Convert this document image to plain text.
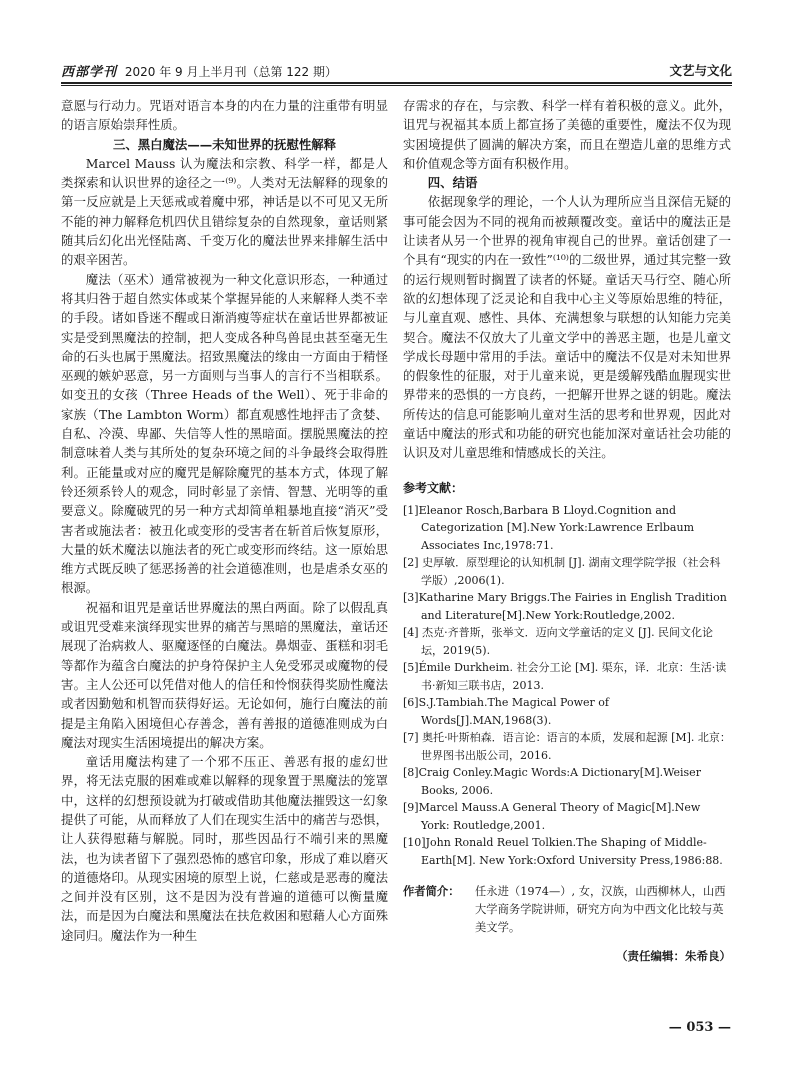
西部学刊 2020 年 9 月上半月刊（总第 122 期）	文艺与文化

意愿与行动力。咒语对语言本身的内在力量的注重带有明显的语言原始崇拜性质。

三、黑白魔法——未知世界的抚慰性解释

Marcel Mauss 认为魔法和宗教、科学一样，都是人类探索和认识世界的途径之一⁽⁹⁾。人类对无法解释的现象的第一反应就是上天惩戒或着魔中邪，神话是以不可见又无所不能的神力解释危机四伏且错综复杂的自然现象，童话则紧随其后幻化出光怪陆离、千变万化的魔法世界来排解生活中的艰辛困苦。

魔法（巫术）通常被视为一种文化意识形态，一种通过将其归咎于超自然实体或某个掌握异能的人来解释人类不幸的手段。诸如昏迷不醒或日渐消瘦等症状在童话世界都被证实是受到黑魔法的控制，把人变成各种鸟兽昆虫甚至毫无生命的石头也属于黑魔法。招致黑魔法的缘由一方面由于精怪巫觋的嫉妒恶意，另一方面则与当事人的言行不当相联系。如变丑的女孩（Three Heads of the Well）、死于非命的家族（The Lambton Worm）都直观感性地抨击了贪婪、自私、冷漠、卑鄙、失信等人性的黑暗面。摆脱黑魔法的控制意味着人类与其所处的复杂环境之间的斗争最终会取得胜利。正能量或对应的魔咒是解除魔咒的基本方式，体现了解铃还须系铃人的观念，同时彰显了亲情、智慧、光明等的重要意义。除魔破咒的另一种方式却简单粗暴地直接“消灭”受害者或施法者：被丑化或变形的受害者在斩首后恢复原形，大量的妖术魔法以施法者的死亡或变形而终结。这一原始思维方式既反映了惩恶扬善的社会道德准则，也是虐杀女巫的根源。

祝福和诅咒是童话世界魔法的黑白两面。除了以假乱真或诅咒受难来演绎现实世界的痛苦与黑暗的黑魔法，童话还展现了治病救人、驱魔逐怪的白魔法。鼻烟壶、蛋糕和羽毛等都作为蕴含白魔法的护身符保护主人免受邪灵或魔物的侵害。主人公还可以凭借对他人的信任和怜悯获得奖励性魔法或者因勤勉和机智而获得好运。无论如何，施行白魔法的前提是主角陷入困境但心存善念，善有善报的道德准则成为白魔法对现实生活困境提出的解决方案。

童话用魔法构建了一个邪不压正、善恶有报的虚幻世界，将无法克服的困难或难以解释的现象置于黑魔法的笼罩中，这样的幻想预设就为打破或借助其他魔法摧毁这一幻象提供了可能，从而释放了人们在现实生活中的痛苦与恐惧，让人获得慰藉与解脱。同时，那些因品行不端引来的黑魔法，也为读者留下了强烈恐怖的感官印象，形成了难以磨灭的道德烙印。从现实困境的原型上说，仁慈或是恶毒的魔法之间并没有区别，这不是因为没有普遍的道德可以衡量魔法，而是因为白魔法和黑魔法在扶危救困和慰藉人心方面殊途同归。魔法作为一种生

存需求的存在，与宗教、科学一样有着积极的意义。此外，诅咒与祝福其本质上都宣扬了美德的重要性，魔法不仅为现实困境提供了圆满的解决方案，而且在塑造儿童的思维方式和价值观念等方面有积极作用。

四、结语

依据现象学的理论，一个人认为理所应当且深信无疑的事可能会因为不同的视角而被颠覆改变。童话中的魔法正是让读者从另一个世界的视角审视自己的世界。童话创建了一个具有“现实的内在一致性”⁽¹⁰⁾的二级世界，通过其完整一致的运行规则暂时搁置了读者的怀疑。童话天马行空、随心所欲的幻想体现了泛灵论和自我中心主义等原始思维的特征，与儿童直观、感性、具体、充满想象与联想的认知能力完美契合。魔法不仅放大了儿童文学中的善恶主题，也是儿童文学成长母题中常用的手法。童话中的魔法不仅是对未知世界的假象性的征服，对于儿童来说，更是缓解残酷血腥现实世界带来的恐惧的一方良药，一把解开世界之谜的钥匙。魔法所传达的信息可能影响儿童对生活的思考和世界观，因此对童话中魔法的形式和功能的研究也能加深对童话社会功能的认识及对儿童思维和情感成长的关注。

参考文献：
[1]Eleanor Rosch,Barbara B Lloyd.Cognition and Categorization [M].New York:Lawrence Erlbaum Associates Inc,1978:71.
[2] 史厚敏．原型理论的认知机制 [J]. 湖南文理学院学报（社会科学版）,2006(1).
[3]Katharine Mary Briggs.The Fairies in English Tradition and Literature[M].New York:Routledge,2002.
[4] 杰克·齐普斯，张举文．迈向文学童话的定义 [J]. 民间文化论坛，2019(5).
[5]Émile Durkheim. 社会分工论 [M]. 渠东，译．北京：生活·读书·新知三联书店，2013.
[6]S.J.Tambiah.The Magical Power of Words[J].MAN,1968(3).
[7] 奥托·叶斯柏森．语言论：语言的本质，发展和起源 [M]. 北京：世界图书出版公司，2016.
[8]Craig Conley.Magic Words:A Dictionary[M].Weiser Books, 2006.
[9]Marcel Mauss.A General Theory of Magic[M].New York: Routledge,2001.
[10]John Ronald Reuel Tolkien.The Shaping of Middle-Earth[M]. New York:Oxford University Press,1986:88.
作者简介： 任永进（1974—）, 女，汉族，山西柳林人，山西大学商务学院讲师，研究方向为中西文化比较与英美文学。
（责任编辑：朱希良）
— 053 —
